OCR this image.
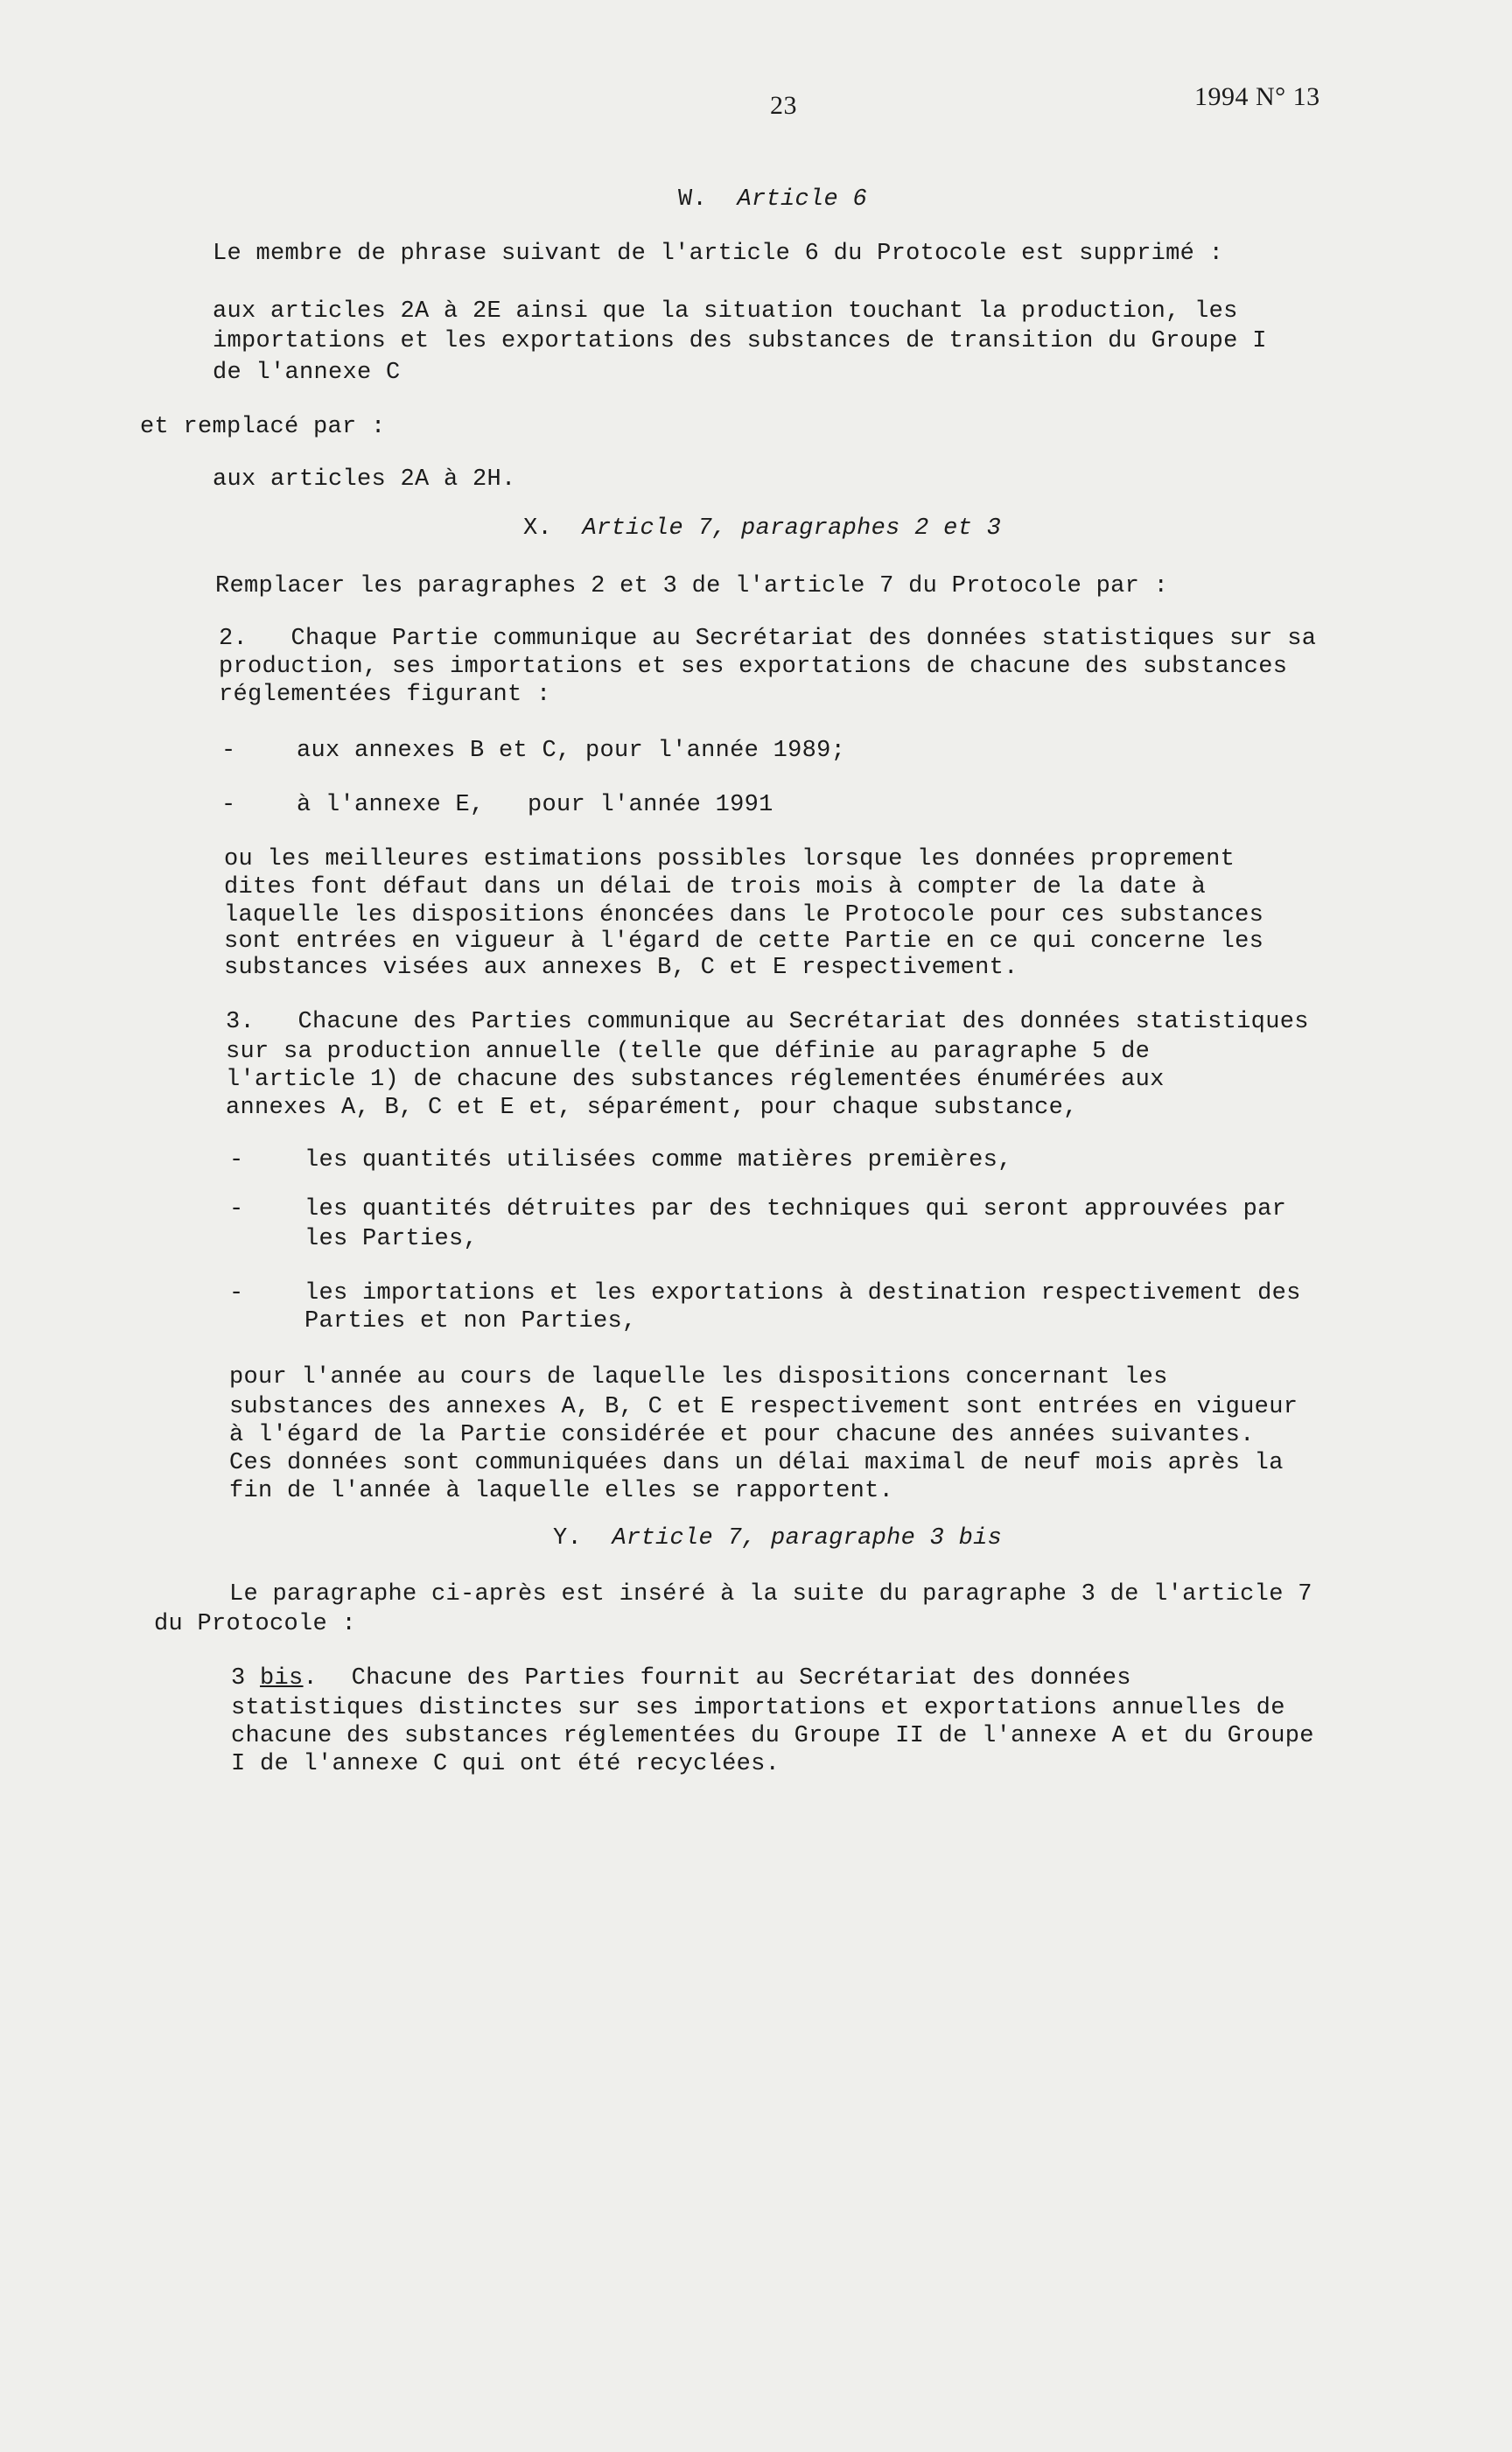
23	1994 N° 13
W. Article 6
Le membre de phrase suivant de l'article 6 du Protocole est supprimé :
aux articles 2A à 2E ainsi que la situation touchant la production, les
importations et les exportations des substances de transition du Groupe I
de l'annexe C
et remplacé par :
aux articles 2A à 2H.
X. Article 7, paragraphes 2 et 3
Remplacer les paragraphes 2 et 3 de l'article 7 du Protocole par :
2.   Chaque Partie communique au Secrétariat des données statistiques sur sa
production, ses importations et ses exportations de chacune des substances
réglementées figurant :
-	aux annexes B et C, pour l'année 1989;
-	à l'annexe E,   pour l'année 1991
ou les meilleures estimations possibles lorsque les données proprement
dites font défaut dans un délai de trois mois à compter de la date à
laquelle les dispositions énoncées dans le Protocole pour ces substances
sont entrées en vigueur à l'égard de cette Partie en ce qui concerne les
substances visées aux annexes B, C et E respectivement.
3.   Chacune des Parties communique au Secrétariat des données statistiques
sur sa production annuelle (telle que définie au paragraphe 5 de
l'article 1) de chacune des substances réglementées énumérées aux
annexes A, B, C et E et, séparément, pour chaque substance,
-	les quantités utilisées comme matières premières,
-	les quantités détruites par des techniques qui seront approuvées par
les Parties,
-	les importations et les exportations à destination respectivement des
Parties et non Parties,
pour l'année au cours de laquelle les dispositions concernant les
substances des annexes A, B, C et E respectivement sont entrées en vigueur
à l'égard de la Partie considérée et pour chacune des années suivantes.
Ces données sont communiquées dans un délai maximal de neuf mois après la
fin de l'année à laquelle elles se rapportent.
Y. Article 7, paragraphe 3 bis
Le paragraphe ci-après est inséré à la suite du paragraphe 3 de l'article 7
du Protocole :
3 bis. Chacune des Parties fournit au Secrétariat des données
statistiques distinctes sur ses importations et exportations annuelles de
chacune des substances réglementées du Groupe II de l'annexe A et du Groupe
I de l'annexe C qui ont été recyclées.
